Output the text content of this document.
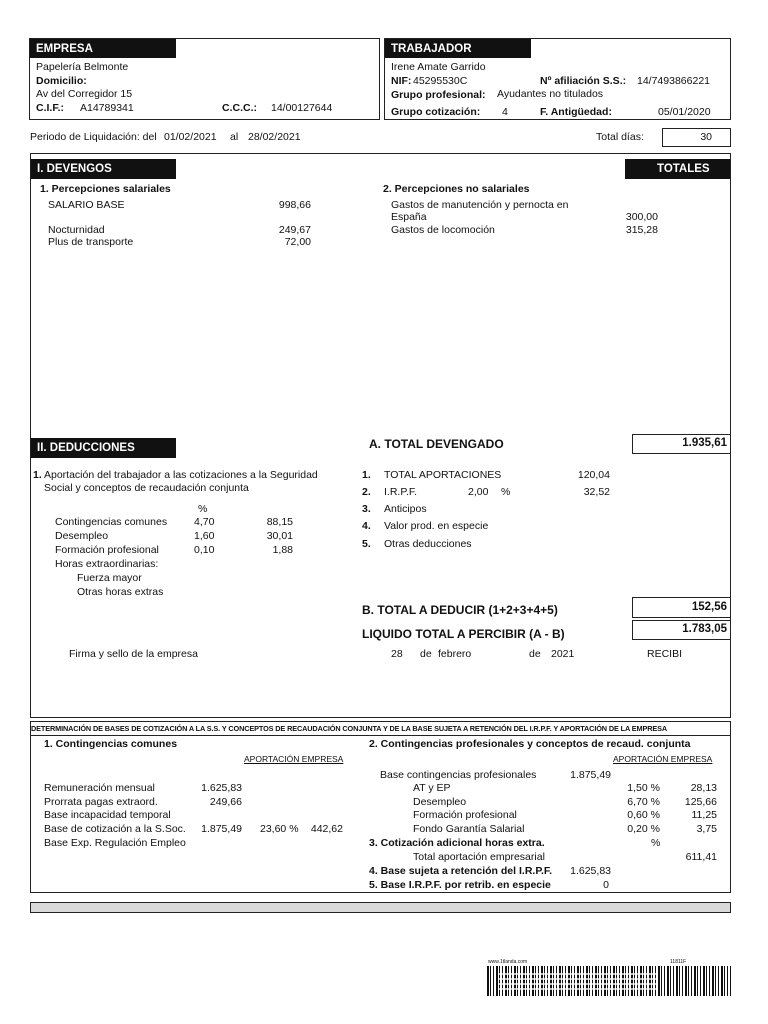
EMPRESA
Papelería Belmonte
Domicilio:
Av del Corregidor 15
C.I.F.: A14789341	C.C.C.: 14/00127644
TRABAJADOR
Irene Amate Garrido
NIF: 45295530C	Nº afiliación S.S.: 14/7493866221
Grupo profesional: Ayudantes no titulados
Grupo cotización: 4	F. Antigüedad:	05/01/2020
Periodo de Liquidación: del 01/02/2021 al 28/02/2021	Total días:	30
I. DEVENGOS	TOTALES
1. Percepciones salariales
SALARIO BASE	998,66
Nocturnidad	249,67
Plus de transporte	72,00
2. Percepciones no salariales
Gastos de manutención y pernocta en
España	300,00
Gastos de locomoción	315,28
II. DEDUCCIONES	A. TOTAL DEVENGADO	1.935,61
1. Aportación del trabajador a las cotizaciones a la Seguridad
Social y conceptos de recaudación conjunta
%
Contingencias comunes	4,70	88,15
Desempleo	1,60	30,01
Formación profesional	0,10	1,88
Horas extraordinarias:
Fuerza mayor
Otras horas extras
1. TOTAL APORTACIONES	120,04
2. I.R.P.F.	2,00 %	32,52
3. Anticipos
4. Valor prod. en especie
5. Otras deducciones
B. TOTAL A DEDUCIR (1+2+3+4+5)	152,56
LIQUIDO TOTAL A PERCIBIR (A - B)	1.783,05
Firma y sello de la empresa	28 de febrero	de 2021	RECIBI
DETERMINACIÓN DE BASES DE COTIZACIÓN A LA S.S. Y CONCEPTOS DE RECAUDACIÓN CONJUNTA Y DE LA BASE SUJETA A RETENCIÓN DEL I.R.P.F. Y APORTACIÓN DE LA EMPRESA
1. Contingencias comunes
APORTACIÓN EMPRESA
Remuneración mensual	1.625,83
Prorrata pagas extraord.	249,66
Base incapacidad temporal
Base de cotización a la S.Soc.	1.875,49 23,60 %	442,62
Base Exp. Regulación Empleo
2. Contingencias profesionales y conceptos de recaud. conjunta
APORTACIÓN EMPRESA
Base contingencias profesionales	1.875,49
AT y EP	1,50 %	28,13
Desempleo	6,70 %	125,66
Formación profesional	0,60 %	11,25
Fondo Garantía Salarial	0,20 %	3,75
3. Cotización adicional horas extra.	%
Total aportación empresarial	611,41
4. Base sujeta a retención del I.R.P.F.	1.625,83
5. Base I.R.P.F. por retrib. en especie	0
www.1tlanda.com	11811F
